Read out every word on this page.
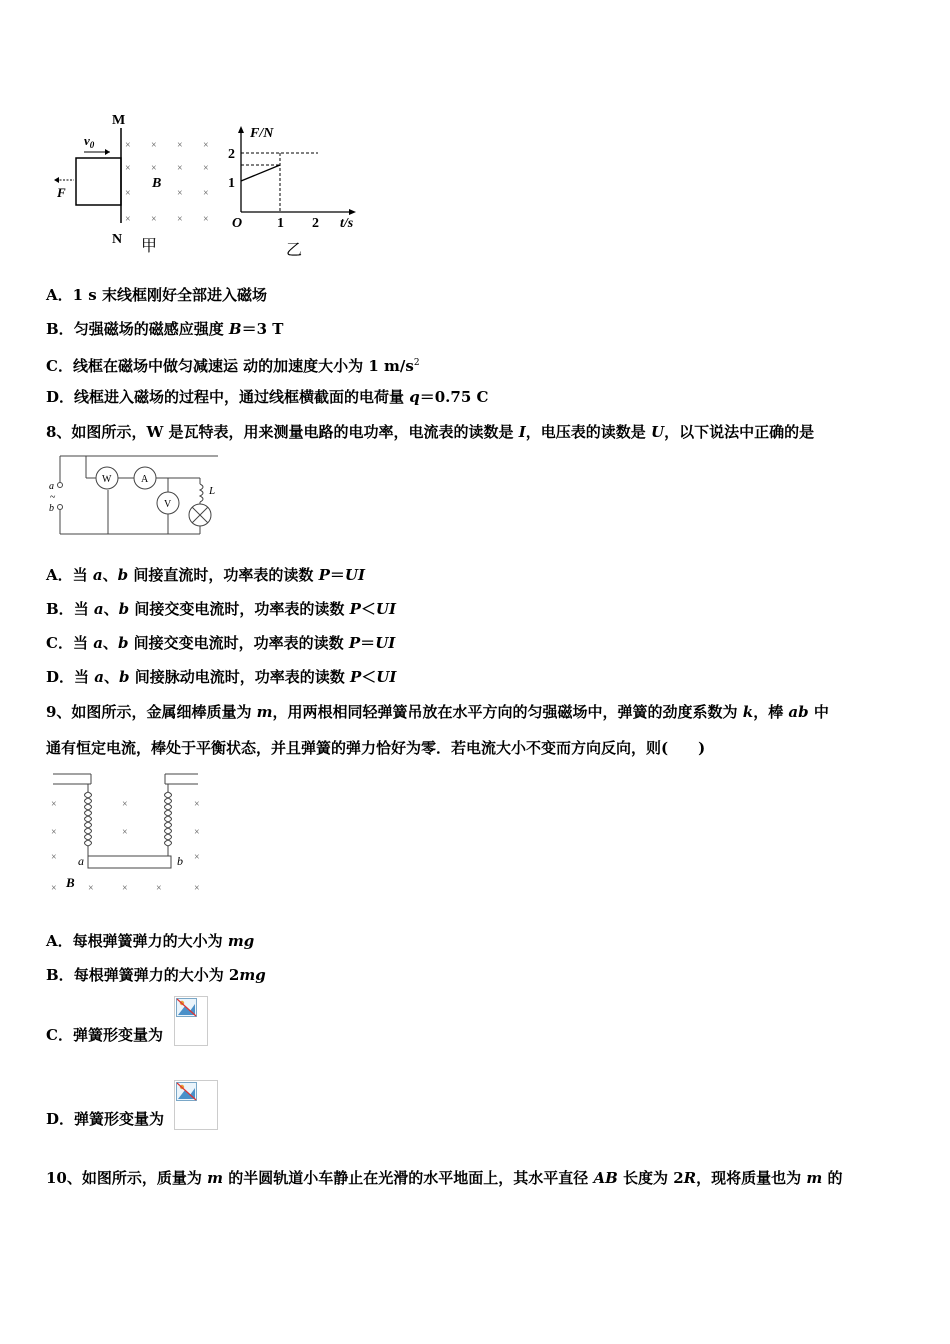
M
N
$v_0$
F
× × × ×
× × × ×
×	× ×
× × × ×
B
甲
F/N
2
1
O 1 2 t/s
乙
A．1 s 末线框刚好全部进入磁场
B．匀强磁场的磁感应强度 B＝3 T
C．线框在磁场中做匀减速运 动的加速度大小为 1 $m/s^2$
D．线框进入磁场的过程中，通过线框横截面的电荷量 q＝0.75 C
8、如图所示，W 是瓦特表，用来测量电路的电功率，电流表的读数是 I，电压表的读数是 U，以下说法中正确的是
W	A
V
L
a
~
b
A．当 a、b 间接直流时，功率表的读数 P＝UI
B．当 a、b 间接交变电流时，功率表的读数 P＜UI
C．当 a、b 间接交变电流时，功率表的读数 P＝UI
D．当 a、b 间接脉动电流时，功率表的读数 P＜UI
9、如图所示，金属细棒质量为 m，用两根相同轻弹簧吊放在水平方向的匀强磁场中，弹簧的劲度系数为 k，棒 ab 中
通有恒定电流，棒处于平衡状态，并且弹簧的弹力恰好为零．若电流大小不变而方向反向，则(　　)
×	×	×
×	×	×
×	×
×	×	×	×	×
a	b
B
A．每根弹簧弹力的大小为 mg
B．每根弹簧弹力的大小为 2mg
C．弹簧形变量为
D．弹簧形变量为
10、如图所示，质量为 m 的半圆轨道小车静止在光滑的水平地面上，其水平直径 AB 长度为 2R，现将质量也为 m 的
